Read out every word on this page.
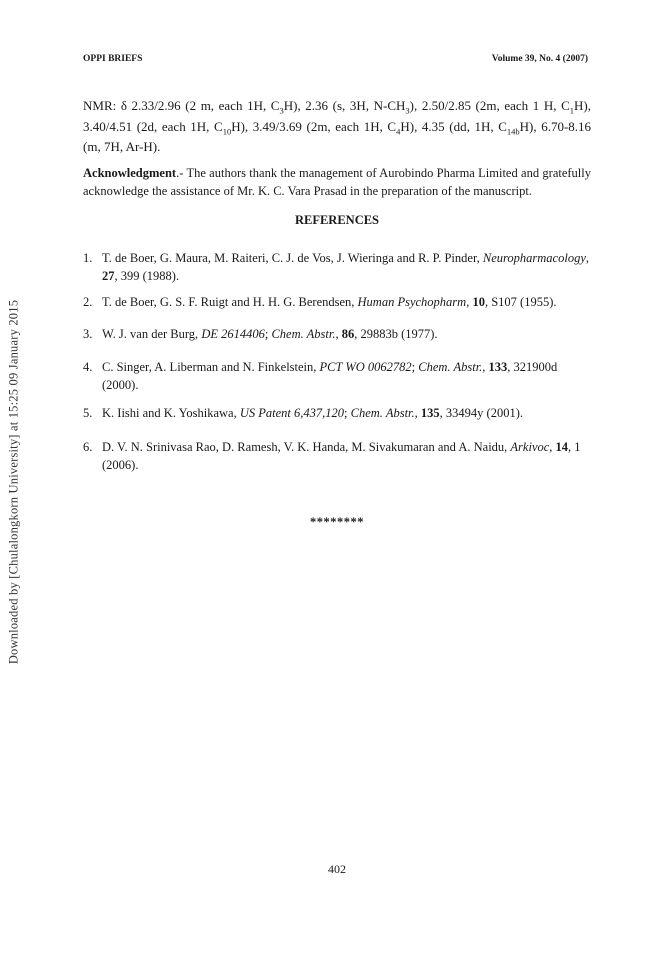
Downloaded by [Chulalongkorn University] at 15:25 09 January 2015
OPPI BRIEFS	Volume 39, No. 4 (2007)
NMR: δ 2.33/2.96 (2 m, each 1H, $C_3H$), 2.36 (s, 3H, $N-CH_3$), 2.50/2.85 (2m, each 1 H, $C_1H$), 3.40/4.51 (2d, each 1H, $C_{10}H$), 3.49/3.69 (2m, each 1H, $C_4H$), 4.35 (dd, 1H, $C_{14b}H$), 6.70-8.16 (m, 7H, Ar-H).
Acknowledgment.- The authors thank the management of Aurobindo Pharma Limited and gratefully acknowledge the assistance of Mr. K. C. Vara Prasad in the preparation of the manuscript.
REFERENCES
1. T. de Boer, G. Maura, M. Raiteri, C. J. de Vos, J. Wieringa and R. P. Pinder, Neuropharmacology, 27, 399 (1988).
2. T. de Boer, G. S. F. Ruigt and H. H. G. Berendsen, Human Psychopharm, 10, S107 (1955).
3. W. J. van der Burg, DE 2614406; Chem. Abstr., 86, 29883b (1977).
4. C. Singer, A. Liberman and N. Finkelstein, PCT WO 0062782; Chem. Abstr., 133, 321900d (2000).
5. K. Iishi and K. Yoshikawa, US Patent 6,437,120; Chem. Abstr., 135, 33494y (2001).
6. D. V. N. Srinivasa Rao, D. Ramesh, V. K. Handa, M. Sivakumaran and A. Naidu, Arkivoc, 14, 1 (2006).
********
402
